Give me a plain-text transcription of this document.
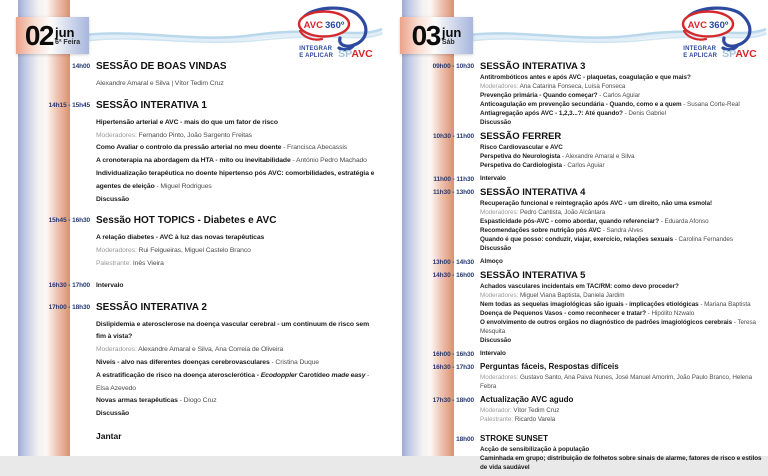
02 jun
6ª Feira
AVC 360º
INTEGRAR
E APLICAR SPAVC
14h00 SESSÃO DE BOAS VINDAS

Alexandre Amaral e Silva | Vítor Tedim Cruz

14h15 - 15h45 SESSÃO INTERATIVA 1

Hipertensão arterial e AVC - mais do que um fator de risco

Moderadores: Fernando Pinto, João Sargento Freitas

Como Avaliar o controlo da pressão arterial no meu doente - Francisca Abecassis

A cronoterapia na abordagem da HTA - mito ou inevitabilidade - António Pedro Machado

Individualização terapêutica no doente hipertenso pós AVC: comorbilidades, estratégia e agentes de eleição - Miguel Rodrigues

Discussão

15h45 - 16h30 Sessão HOT TOPICS - Diabetes e AVC

A relação diabetes - AVC à luz das novas terapêuticas

Moderadores: Rui Felgueiras, Miguel Castelo Branco

Palestrante: Inês Vieira

16h30 - 17h00 Intervalo

17h00 - 18h30 SESSÃO INTERATIVA 2

Dislipidemia e aterosclerose na doença vascular cerebral - um continuum de risco sem fim à vista?

Moderadores: Alexandre Amaral e Silva, Ana Correia de Oliveira

Niveis - alvo nas diferentes doenças cerebrovasculares - Cristina Duque

A estratificação de risco na doença aterosclerótica - Ecodoppler Carotídeo made easy - Elsa Azevedo

Novas armas terapêuticas - Diogo Cruz

Discussão

Jantar
03 jun
Sáb
AVC 360º
INTEGRAR
E APLICAR SPAVC
09h00 - 10h30 SESSÃO INTERATIVA 3

Antitrombóticos antes e após AVC - plaquetas, coagulação e que mais?

Moderadores: Ana Catarina Fonseca, Luísa Fonseca

Prevenção primária - Quando começar? - Carlos Aguiar

Anticoagulação em prevenção secundária - Quando, como e a quem - Susana Corte-Real

Antiagregação após AVC - 1,2,3...?: Até quando? - Denis Gabriel

Discussão

10h30 - 11h00 SESSÃO FERRER

Risco Cardiovascular e AVC

Perspetiva do Neurologista - Alexandre Amaral e Silva

Perspetiva do Cardiologista - Carlos Aguiar

11h00 - 11h30 Intervalo

11h30 - 13h00 SESSÃO INTERATIVA 4

Recuperação funcional e reintegração após AVC - um direito, não uma esmola!

Moderadores: Pedro Cantista, João Alcântara

Espasticidade pós-AVC - como abordar, quando referenciar? - Eduarda Afonso

Recomendações sobre nutrição pós AVC - Sandra Alves

Quando é que posso: conduzir, viajar, exercício, relações sexuais - Carolina Fernandes

Discussão

13h00 - 14h30 Almoço

14h30 - 16h00 SESSÃO INTERATIVA 5

Achados vasculares incidentais em TAC/RM: como devo proceder?

Moderadores: Miguel Viana Baptista, Daniela Jardim

Nem todas as sequelas imagiológicas são iguais - implicações etiológicas - Mariana Baptista

Doença de Pequenos Vasos - como reconhecer e tratar? - Hipólito Nzwalo

O envolvimento de outros orgãos no diagnóstico de padrões imagiológicos cerebrais - Teresa Mesquita

Discussão

16h00 - 16h30 Intervalo

16h30 - 17h30 Perguntas fáceis, Respostas difíceis

Moderadores: Gustavo Santo, Ana Paiva Nunes, José Manuel Amorim, João Paulo Branco, Helena Febra

17h30 - 18h00 Actualização AVC agudo

Moderador: Vítor Tedim Cruz

Palestrante: Ricardo Varela

18h00 STROKE SUNSET

Acção de sensibilização à população

Caminhada em grupo; distribuição de folhetos sobre sinais de alarme, fatores de risco e estilos de vida saudável
